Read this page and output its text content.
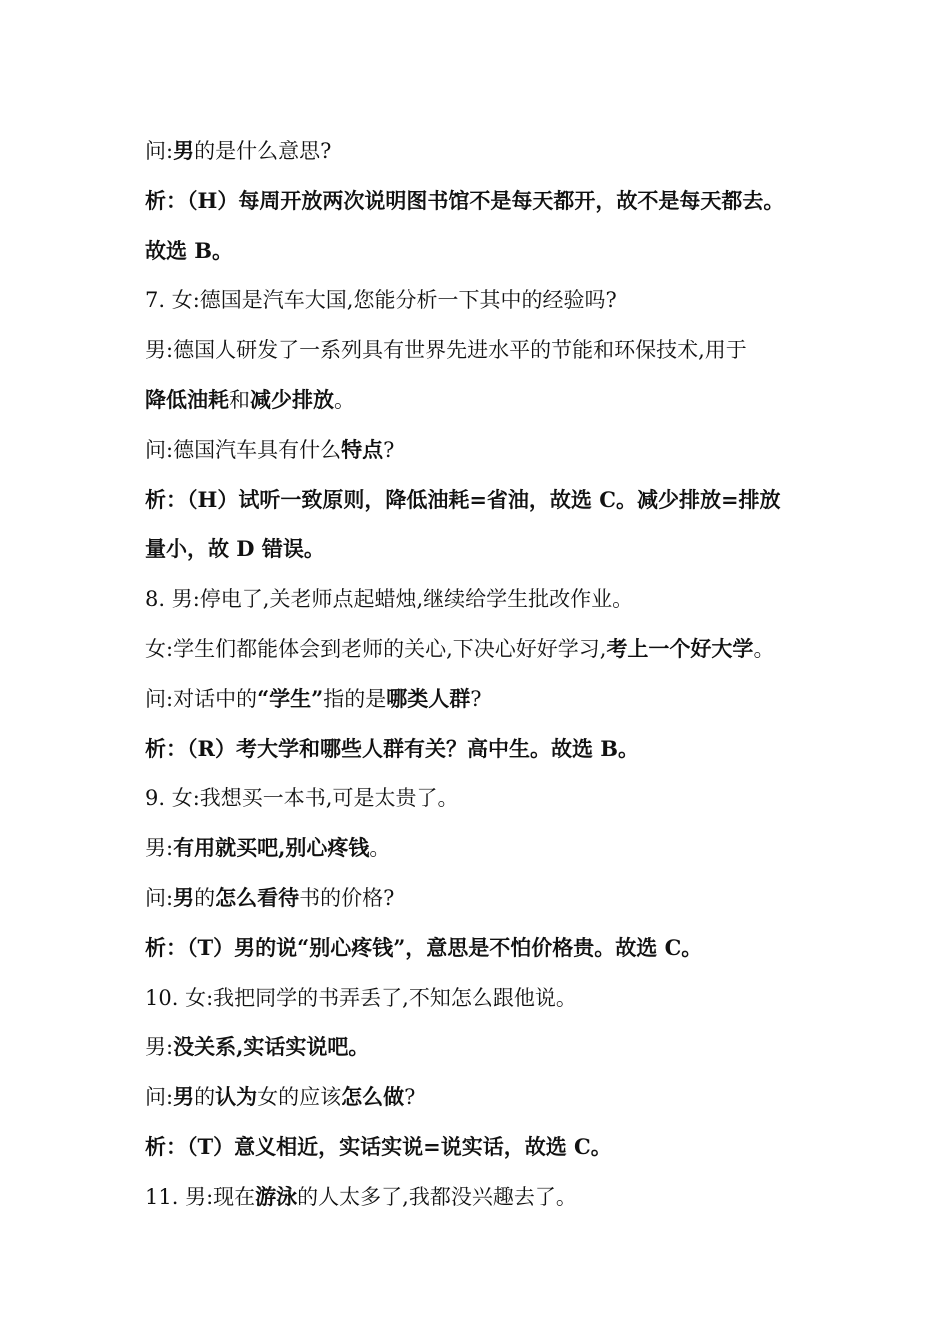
问:男的是什么意思?
析：（H）每周开放两次说明图书馆不是每天都开，故不是每天都去。
故选 B。
7. 女:德国是汽车大国,您能分析一下其中的经验吗?
男:德国人研发了一系列具有世界先进水平的节能和环保技术,用于
降低油耗和减少排放。
问:德国汽车具有什么特点?
析：（H）试听一致原则，降低油耗=省油，故选 C。减少排放=排放
量小，故 D 错误。
8. 男:停电了,关老师点起蜡烛,继续给学生批改作业。
女:学生们都能体会到老师的关心,下决心好好学习,考上一个好大学。
问:对话中的“学生”指的是哪类人群?
析：（R）考大学和哪些人群有关？高中生。故选 B。
9. 女:我想买一本书,可是太贵了。
男:有用就买吧,别心疼钱。
问:男的怎么看待书的价格?
析：（T）男的说“别心疼钱”，意思是不怕价格贵。故选 C。
10. 女:我把同学的书弄丢了,不知怎么跟他说。
男:没关系,实话实说吧。
问:男的认为女的应该怎么做?
析：（T）意义相近，实话实说=说实话，故选 C。
11. 男:现在游泳的人太多了,我都没兴趣去了。
